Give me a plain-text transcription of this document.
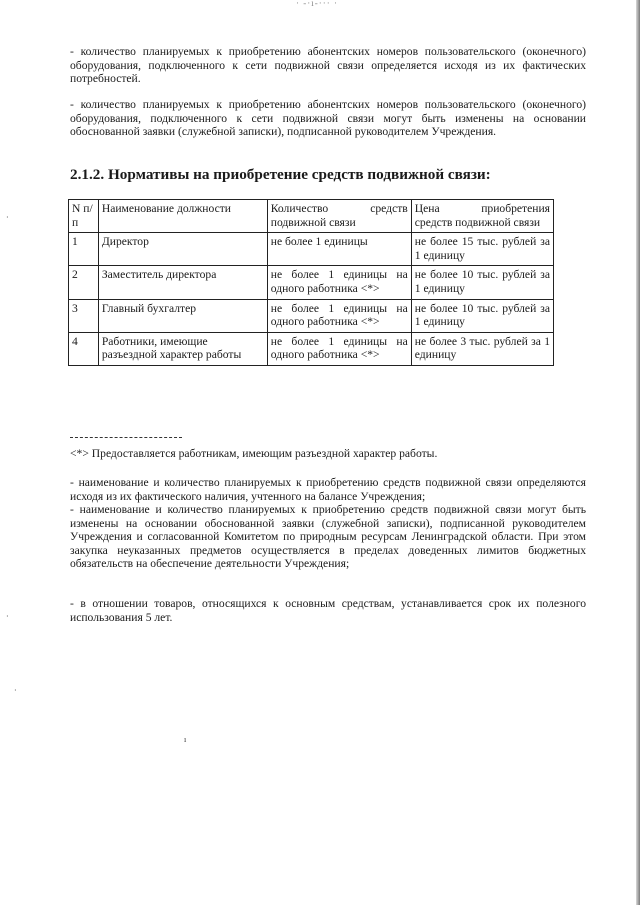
· -·ı-··· ·

- количество планируемых к приобретению абонентских номеров пользовательского (оконечного) оборудования, подключенного к сети подвижной связи определяется исходя из их фактических потребностей.

- количество планируемых к приобретению абонентских номеров пользовательского (оконечного) оборудования, подключенного к сети подвижной связи могут быть изменены на основании обоснованной заявки (служебной записки), подписанной руководителем Учреждения.

2.1.2. Нормативы на приобретение средств подвижной связи:
N п/п	Наименование должности	Количество средств подвижной связи	Цена приобретения средств подвижной связи
1	Директор	не более 1 единицы	не более 15 тыс. рублей за 1 единицу
2	Заместитель директора	не более 1 единицы на одного работника <*>	не более 10 тыс. рублей за 1 единицу
3	Главный бухгалтер	не более 1 единицы на одного работника <*>	не более 10 тыс. рублей за 1 единицу
4	Работники, имеющие разъездной характер работы	не более 1 единицы на одного работника <*>	не более 3 тыс. рублей за 1 единицу

<*> Предоставляется работникам, имеющим разъездной характер работы.

- наименование и количество планируемых к приобретению средств подвижной связи определяются исходя из их фактического наличия, учтенного на балансе Учреждения;

- наименование и количество планируемых к приобретению средств подвижной связи могут быть изменены на основании обоснованной заявки (служебной записки), подписанной руководителем Учреждения и согласованной Комитетом по природным ресурсам Ленинградской области. При этом закупка неуказанных предметов осуществляется в пределах доведенных лимитов бюджетных обязательств на обеспечение деятельности Учреждения;

- в отношении товаров, относящихся к основным средствам, устанавливается срок их полезного использования 5 лет.

·
·
ı
·
